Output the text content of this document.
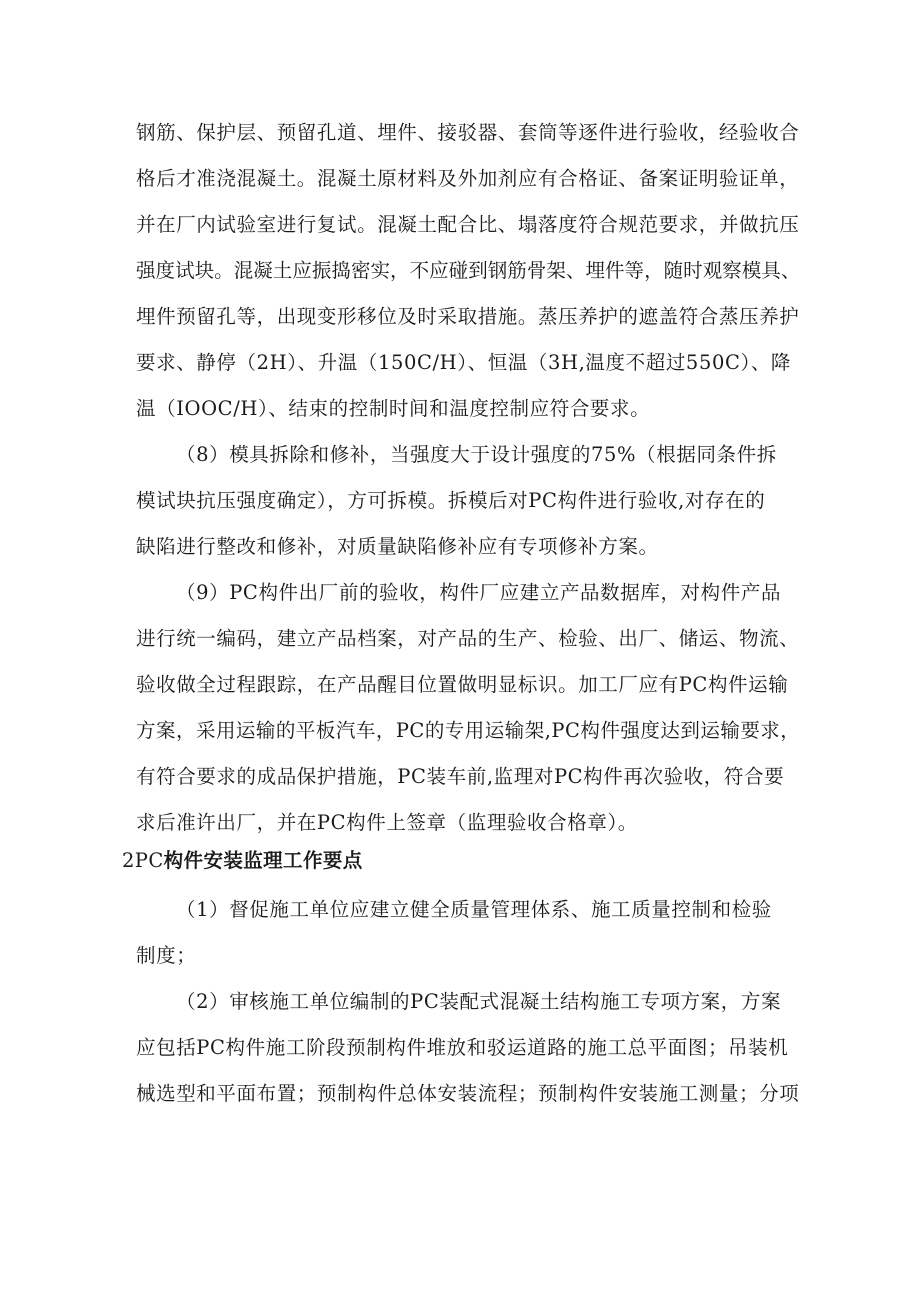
钢筋、保护层、预留孔道、埋件、接驳器、套筒等逐件进行验收，经验收合
格后才准浇混凝土。混凝土原材料及外加剂应有合格证、备案证明验证单，
并在厂内试验室进行复试。混凝土配合比、塌落度符合规范要求，并做抗压
强度试块。混凝土应振捣密实，不应碰到钢筋骨架、埋件等，随时观察模具、
埋件预留孔等，出现变形移位及时采取措施。蒸压养护的遮盖符合蒸压养护
要求、静停（2H）、升温（150C/H）、恒温（3H,温度不超过550C）、降
温（IOOC/H）、结束的控制时间和温度控制应符合要求。
（8）模具拆除和修补，当强度大于设计强度的75%（根据同条件拆
模试块抗压强度确定），方可拆模。拆模后对PC构件进行验收,对存在的
缺陷进行整改和修补，对质量缺陷修补应有专项修补方案。
（9）PC构件出厂前的验收，构件厂应建立产品数据库，对构件产品
进行统一编码，建立产品档案，对产品的生产、检验、出厂、储运、物流、
验收做全过程跟踪，在产品醒目位置做明显标识。加工厂应有PC构件运输
方案，采用运输的平板汽车，PC的专用运输架,PC构件强度达到运输要求，
有符合要求的成品保护措施，PC装车前,监理对PC构件再次验收，符合要
求后准许出厂，并在PC构件上签章（监理验收合格章）。
2PC构件安装监理工作要点
（1）督促施工单位应建立健全质量管理体系、施工质量控制和检验
制度；
（2）审核施工单位编制的PC装配式混凝土结构施工专项方案，方案
应包括PC构件施工阶段预制构件堆放和驳运道路的施工总平面图；吊装机
械选型和平面布置；预制构件总体安装流程；预制构件安装施工测量；分项
